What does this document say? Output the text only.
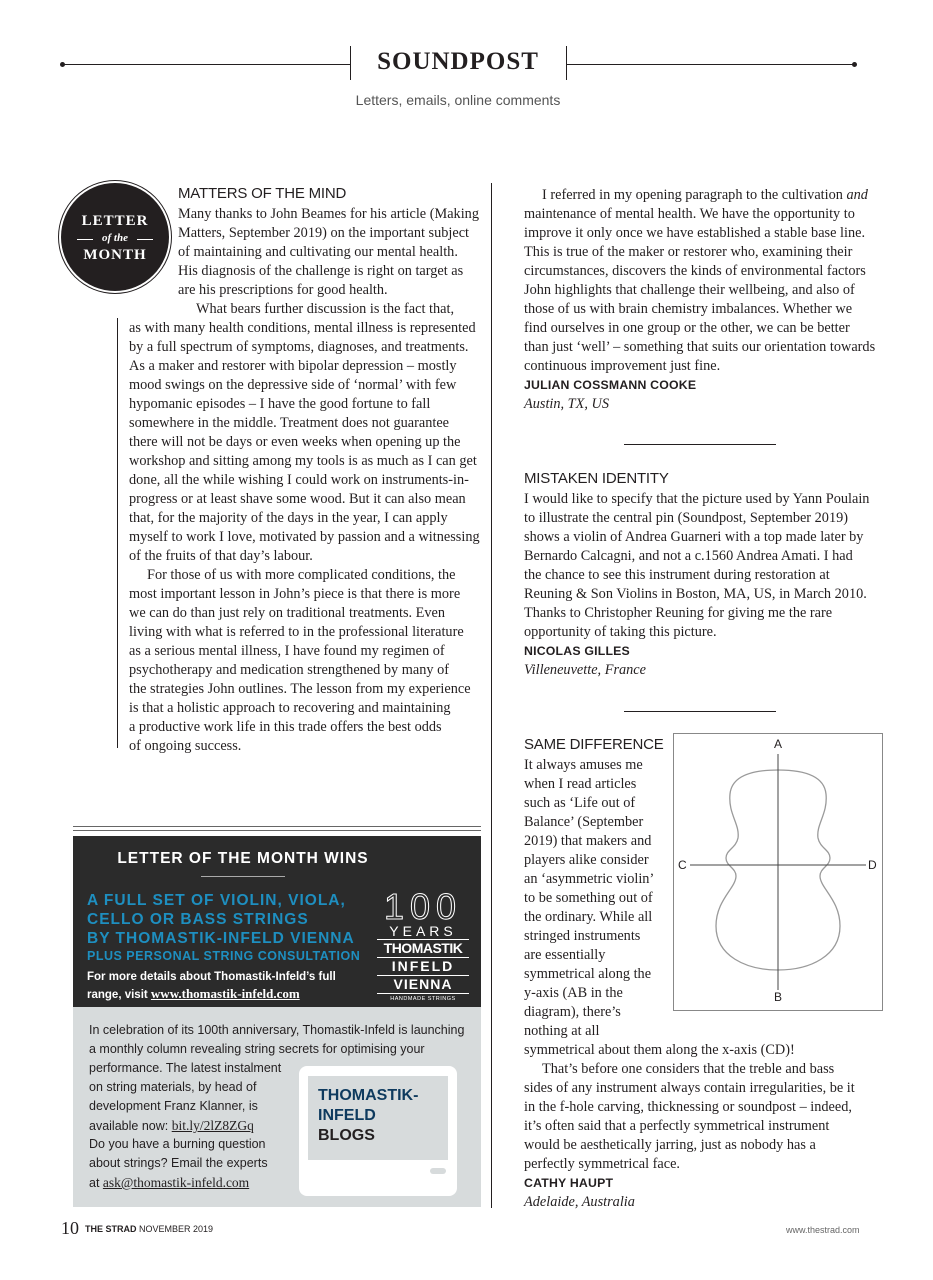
SOUNDPOST
Letters, emails, online comments
LETTER
of the
MONTH
MATTERS OF THE MIND
Many thanks to John Beames for his article (Making
Matters, September 2019) on the important subject
of maintaining and cultivating our mental health.
His diagnosis of the challenge is right on target as
are his prescriptions for good health.
What bears further discussion is the fact that,
as with many health conditions, mental illness is represented
by a full spectrum of symptoms, diagnoses, and treatments.
As a maker and restorer with bipolar depression – mostly
mood swings on the depressive side of ‘normal’ with few
hypomanic episodes – I have the good fortune to fall
somewhere in the middle. Treatment does not guarantee
there will not be days or even weeks when opening up the
workshop and sitting among my tools is as much as I can get
done, all the while wishing I could work on instruments-in-
progress or at least shave some wood. But it can also mean
that, for the majority of the days in the year, I can apply
myself to work I love, motivated by passion and a witnessing
of the fruits of that day’s labour.
For those of us with more complicated conditions, the
most important lesson in John’s piece is that there is more
we can do than just rely on traditional treatments. Even
living with what is referred to in the professional literature
as a serious mental illness, I have found my regimen of
psychotherapy and medication strengthened by many of
the strategies John outlines. The lesson from my experience
is that a holistic approach to recovering and maintaining
a productive work life in this trade offers the best odds
of ongoing success.
I referred in my opening paragraph to the cultivation and
maintenance of mental health. We have the opportunity to
improve it only once we have established a stable base line.
This is true of the maker or restorer who, examining their
circumstances, discovers the kinds of environmental factors
John highlights that challenge their wellbeing, and also of
those of us with brain chemistry imbalances. Whether we
find ourselves in one group or the other, we can be better
than just ‘well’ – something that suits our orientation towards
continuous improvement just fine.
JULIAN COSSMANN COOKE
Austin, TX, US
MISTAKEN IDENTITY
I would like to specify that the picture used by Yann Poulain
to illustrate the central pin (Soundpost, September 2019)
shows a violin of Andrea Guarneri with a top made later by
Bernardo Calcagni, and not a c.1560 Andrea Amati. I had
the chance to see this instrument during restoration at
Reuning & Son Violins in Boston, MA, US, in March 2010.
Thanks to Christopher Reuning for giving me the rare
opportunity of taking this picture.
NICOLAS GILLES
Villeneuvette, France
SAME DIFFERENCE
It always amuses me
when I read articles
such as ‘Life out of
Balance’ (September
2019) that makers and
players alike consider
an ‘asymmetric violin’
to be something out of
the ordinary. While all
stringed instruments
are essentially
symmetrical along the
y-axis (AB in the
diagram), there’s
nothing at all
symmetrical about them along the x-axis (CD)!
That’s before one considers that the treble and bass
sides of any instrument always contain irregularities, be it
in the f-hole carving, thicknessing or soundpost – indeed,
it’s often said that a perfectly symmetrical instrument
would be aesthetically jarring, just as nobody has a
perfectly symmetrical face.
CATHY HAUPT
Adelaide, Australia
A
B
C	D
LETTER OF THE MONTH WINS
A FULL SET OF VIOLIN, VIOLA,
CELLO OR BASS STRINGS
BY THOMASTIK-INFELD VIENNA
PLUS PERSONAL STRING CONSULTATION
For more details about Thomastik-Infeld’s full
range, visit www.thomastik-infeld.com
100
YEARS
THOMASTIK
INFELD
VIENNA
HANDMADE STRINGS
In celebration of its 100th anniversary, Thomastik-Infeld is launching
a monthly column revealing string secrets for optimising your
performance. The latest instalment
on string materials, by head of
development Franz Klanner, is
available now: bit.ly/2lZ8ZGq
Do you have a burning question
about strings? Email the experts
at ask@thomastik-infeld.com
THOMASTIK-
INFELD
BLOGS
10 THE STRAD NOVEMBER 2019	www.thestrad.com
